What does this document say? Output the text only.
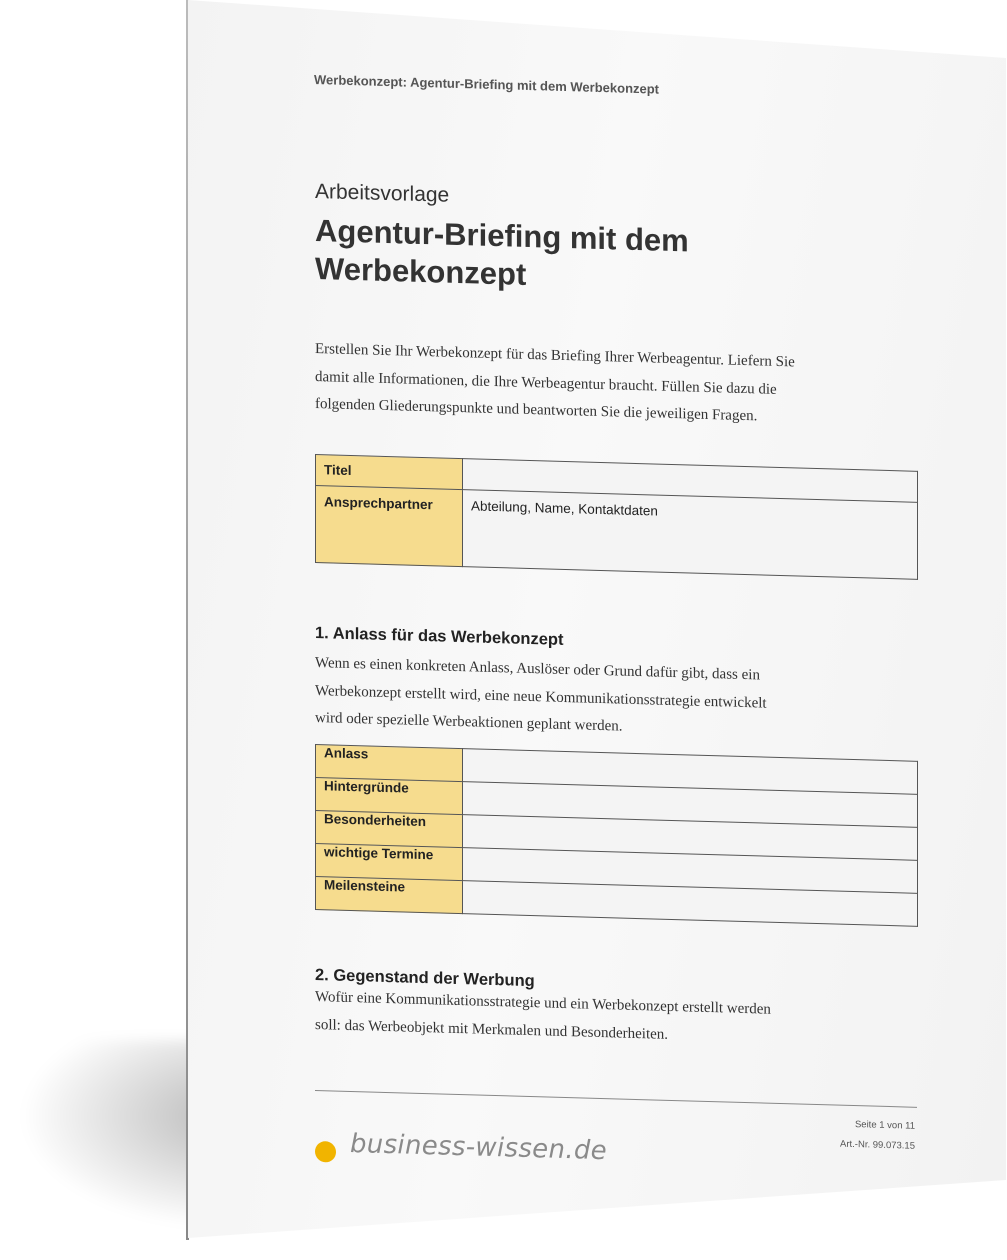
Werbekonzept: Agentur-Briefing mit dem Werbekonzept
Arbeitsvorlage
Agentur-Briefing mit dem Werbekonzept
Erstellen Sie Ihr Werbekonzept für das Briefing Ihrer Werbeagentur. Liefern Sie damit alle Informationen, die Ihre Werbeagentur braucht. Füllen Sie dazu die folgenden Gliederungspunkte und beantworten Sie die jeweiligen Fragen.
Titel	
Ansprechpartner	Abteilung, Name, Kontaktdaten
1. Anlass für das Werbekonzept
Wenn es einen konkreten Anlass, Auslöser oder Grund dafür gibt, dass ein Werbekonzept erstellt wird, eine neue Kommunikationsstrategie entwickelt wird oder spezielle Werbeaktionen geplant werden.
Anlass	
Hintergründe	
Besonderheiten	
wichtige Termine	
Meilensteine	
2. Gegenstand der Werbung
Wofür eine Kommunikationsstrategie und ein Werbekonzept erstellt werden soll: das Werbeobjekt mit Merkmalen und Besonderheiten.
Seite 1 von 11
Art.-Nr. 99.073.15
business-wissen.de
